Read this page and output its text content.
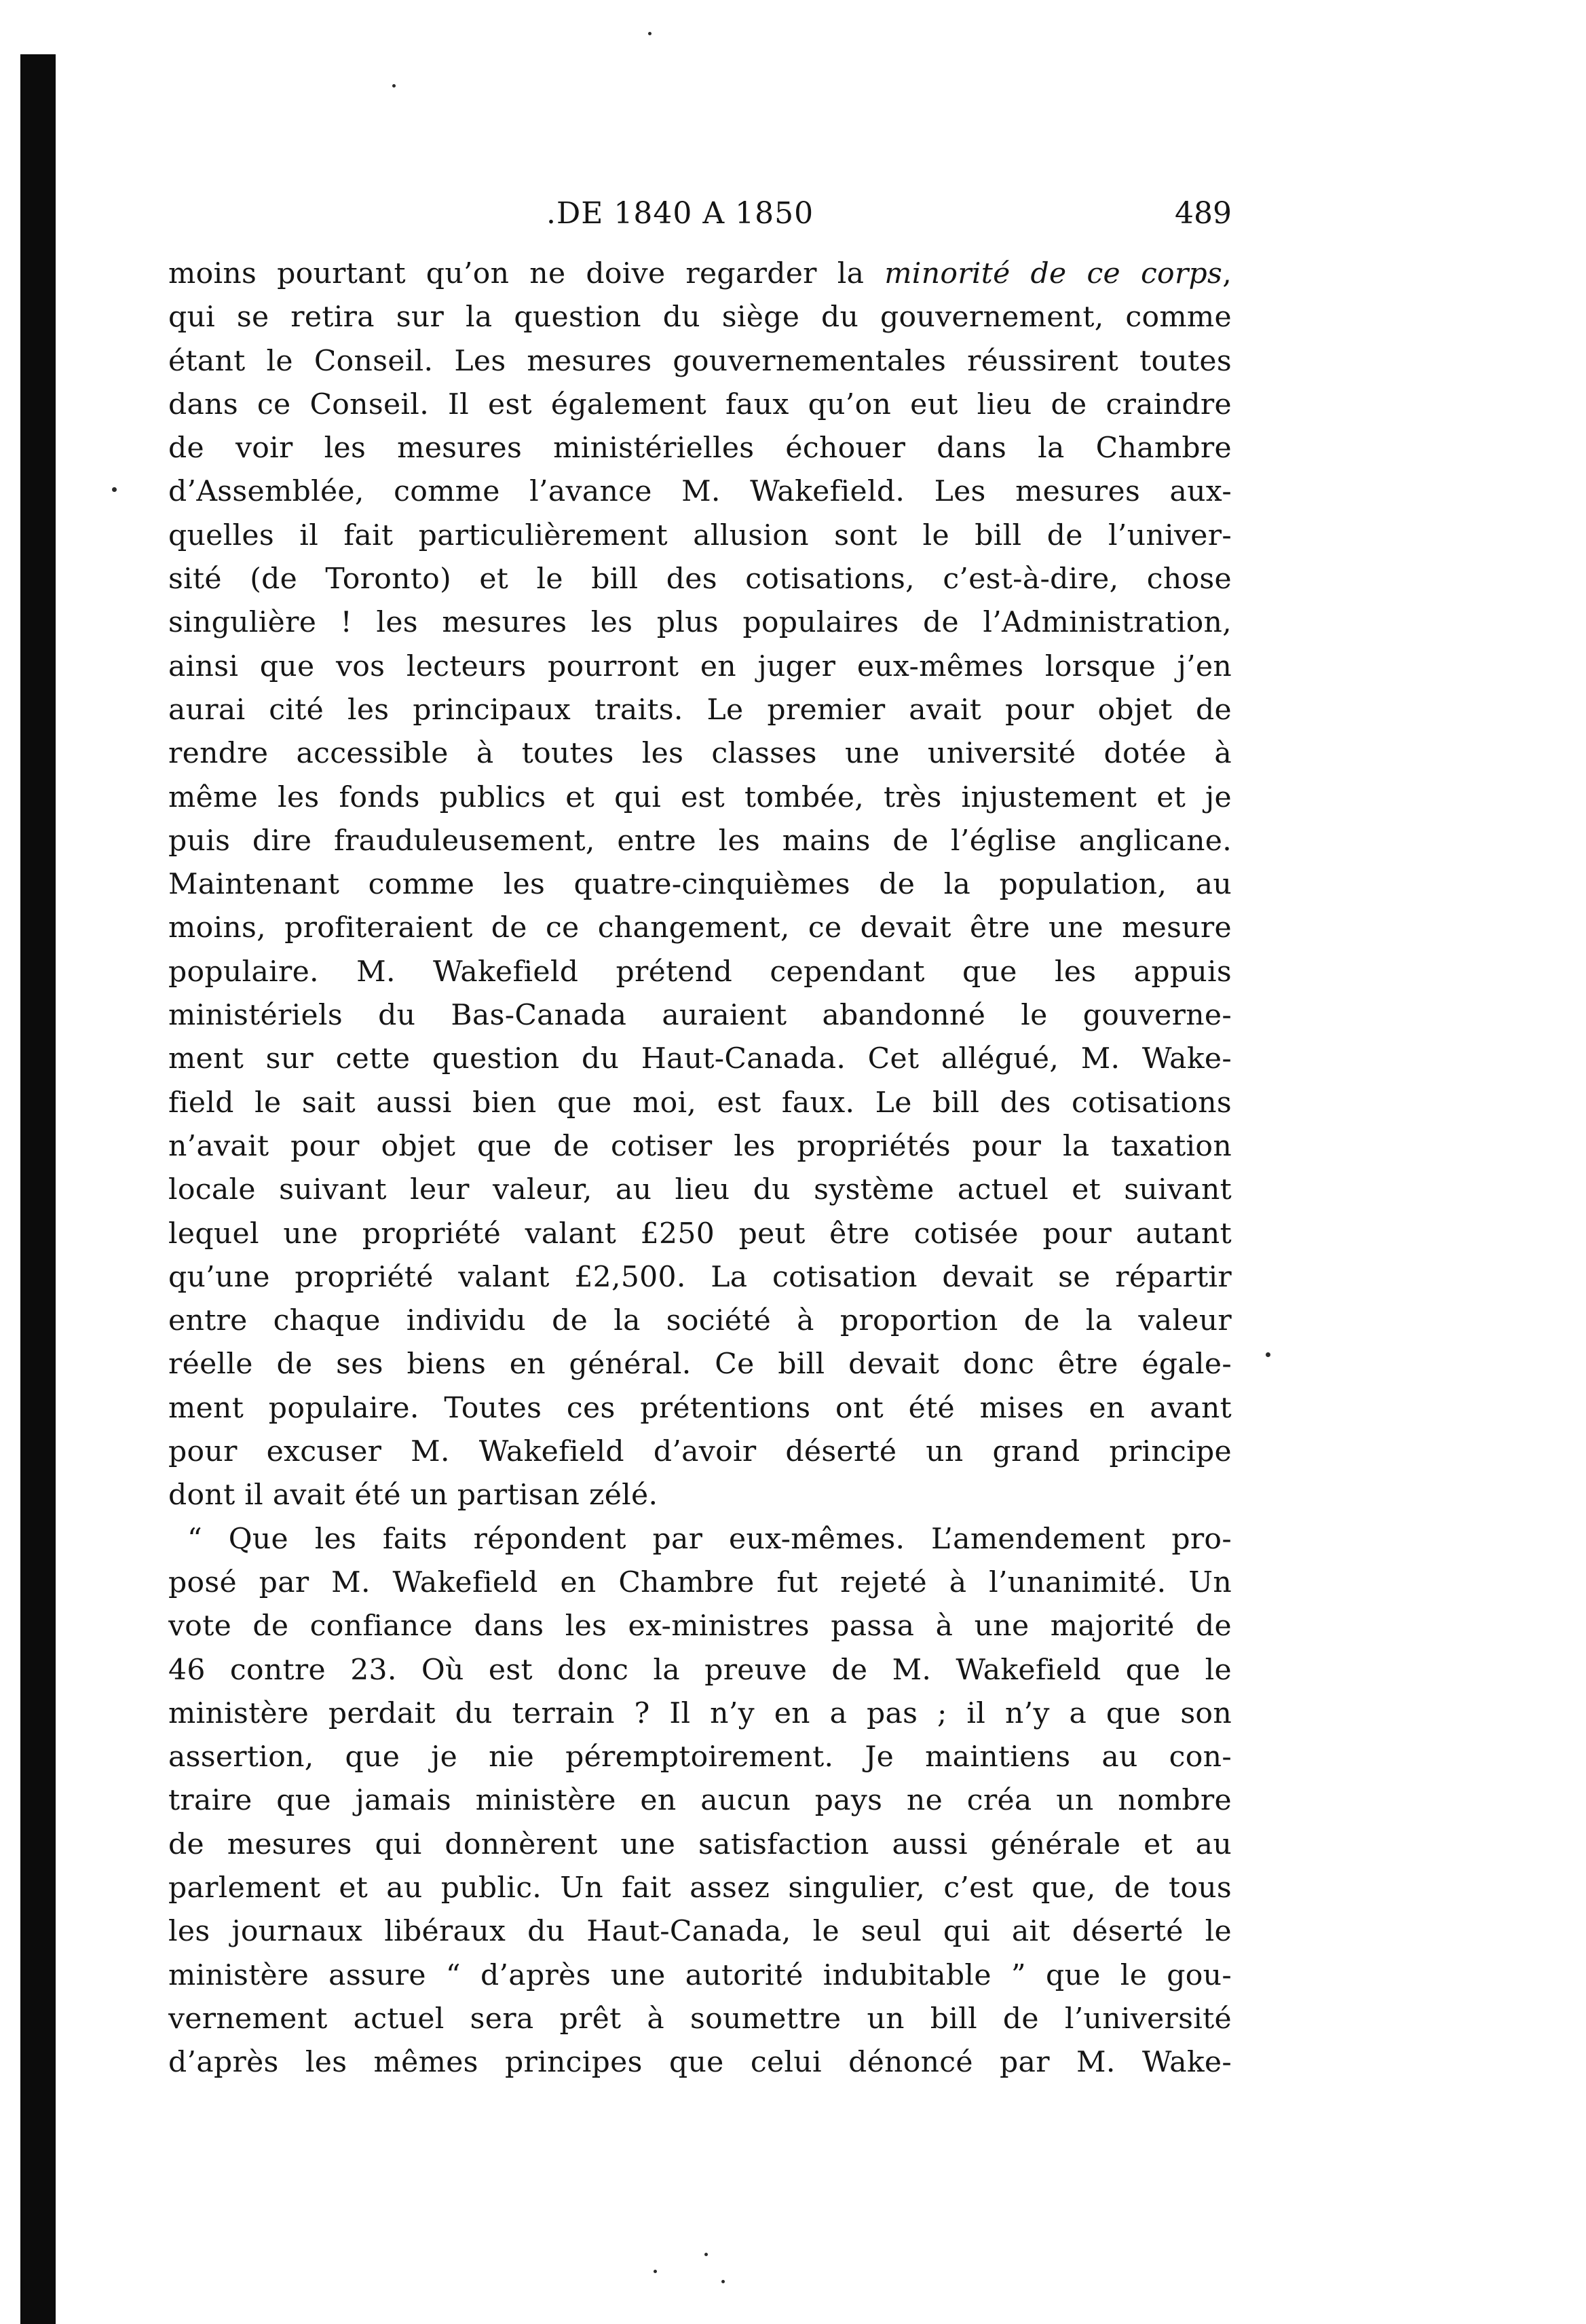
.DE 1840 A 1850	489
moins pourtant qu’on ne doive regarder la minorité de ce corps,
qui se retira sur la question du siège du gouvernement, comme
étant le Conseil. Les mesures gouvernementales réussirent toutes
dans ce Conseil. Il est également faux qu’on eut lieu de craindre
de voir les mesures ministérielles échouer dans la Chambre
d’Assemblée, comme l’avance M. Wakefield. Les mesures aux-
quelles il fait particulièrement allusion sont le bill de l’univer-
sité (de Toronto) et le bill des cotisations, c’est-à-dire, chose
singulière ! les mesures les plus populaires de l’Administration,
ainsi que vos lecteurs pourront en juger eux-mêmes lorsque j’en
aurai cité les principaux traits. Le premier avait pour objet de
rendre accessible à toutes les classes une université dotée à
même les fonds publics et qui est tombée, très injustement et je
puis dire frauduleusement, entre les mains de l’église anglicane.
Maintenant comme les quatre-cinquièmes de la population, au
moins, profiteraient de ce changement, ce devait être une mesure
populaire. M. Wakefield prétend cependant que les appuis
ministériels du Bas-Canada auraient abandonné le gouverne-
ment sur cette question du Haut-Canada. Cet allégué, M. Wake-
field le sait aussi bien que moi, est faux. Le bill des cotisations
n’avait pour objet que de cotiser les propriétés pour la taxation
locale suivant leur valeur, au lieu du système actuel et suivant
lequel une propriété valant £250 peut être cotisée pour autant
qu’une propriété valant £2,500. La cotisation devait se répartir
entre chaque individu de la société à proportion de la valeur
réelle de ses biens en général. Ce bill devait donc être égale-
ment populaire. Toutes ces prétentions ont été mises en avant
pour excuser M. Wakefield d’avoir déserté un grand principe
dont il avait été un partisan zélé.
“ Que les faits répondent par eux-mêmes. L’amendement pro-
posé par M. Wakefield en Chambre fut rejeté à l’unanimité. Un
vote de confiance dans les ex-ministres passa à une majorité de
46 contre 23. Où est donc la preuve de M. Wakefield que le
ministère perdait du terrain ? Il n’y en a pas ; il n’y a que son
assertion, que je nie péremptoirement. Je maintiens au con-
traire que jamais ministère en aucun pays ne créa un nombre
de mesures qui donnèrent une satisfaction aussi générale et au
parlement et au public. Un fait assez singulier, c’est que, de tous
les journaux libéraux du Haut-Canada, le seul qui ait déserté le
ministère assure “ d’après une autorité indubitable ” que le gou-
vernement actuel sera prêt à soumettre un bill de l’université
d’après les mêmes principes que celui dénoncé par M. Wake-
